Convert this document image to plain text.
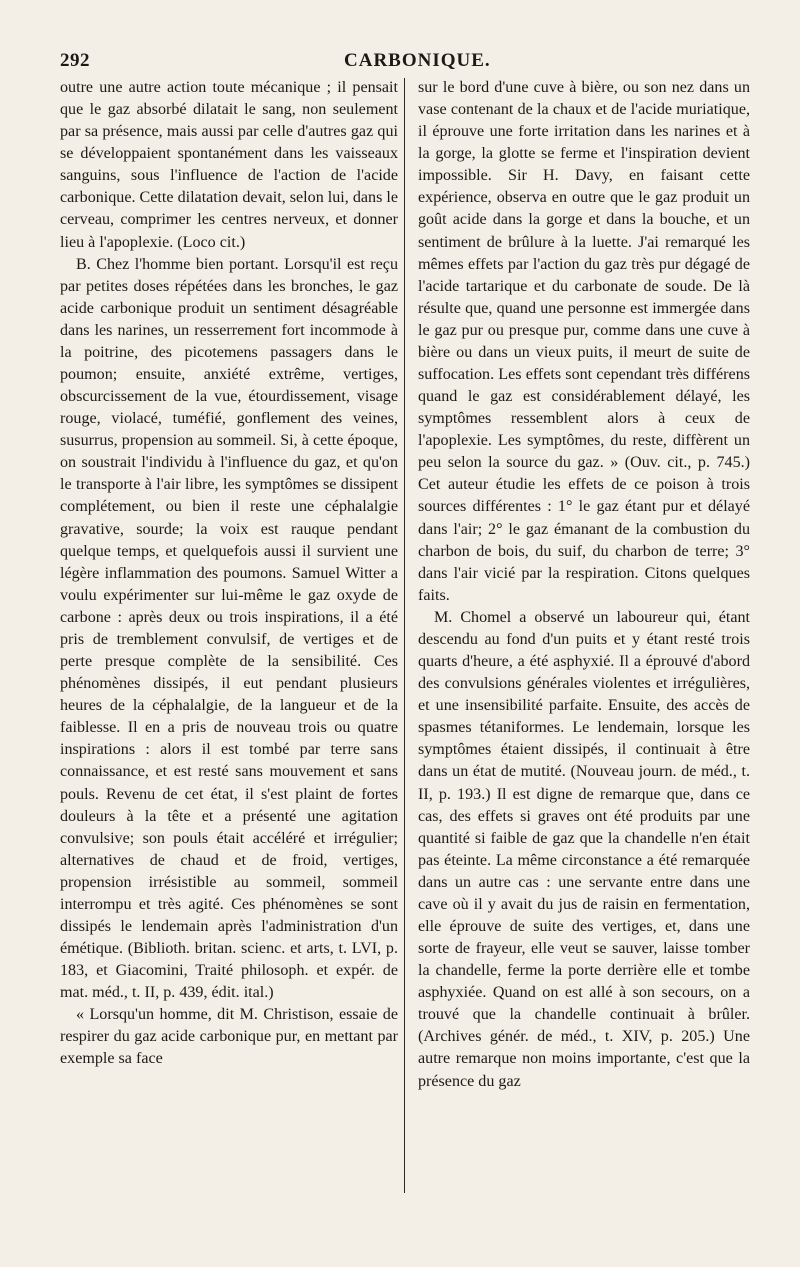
292	CARBONIQUE.

outre une autre action toute mécanique ; il pensait que le gaz absorbé dilatait le sang, non seulement par sa présence, mais aussi par celle d'autres gaz qui se développaient spontanément dans les vaisseaux sanguins, sous l'influence de l'action de l'acide carbonique. Cette dilatation devait, selon lui, dans le cerveau, comprimer les centres nerveux, et donner lieu à l'apoplexie. (Loco cit.)

B. Chez l'homme bien portant. Lorsqu'il est reçu par petites doses répétées dans les bronches, le gaz acide carbonique produit un sentiment désagréable dans les narines, un resserrement fort incommode à la poitrine, des picotemens passagers dans le poumon; ensuite, anxiété extrême, vertiges, obscurcissement de la vue, étourdissement, visage rouge, violacé, tuméfié, gonflement des veines, susurrus, propension au sommeil. Si, à cette époque, on soustrait l'individu à l'influence du gaz, et qu'on le transporte à l'air libre, les symptômes se dissipent complétement, ou bien il reste une céphalalgie gravative, sourde; la voix est rauque pendant quelque temps, et quelquefois aussi il survient une légère inflammation des poumons. Samuel Witter a voulu expérimenter sur lui-même le gaz oxyde de carbone : après deux ou trois inspirations, il a été pris de tremblement convulsif, de vertiges et de perte presque complète de la sensibilité. Ces phénomènes dissipés, il eut pendant plusieurs heures de la céphalalgie, de la langueur et de la faiblesse. Il en a pris de nouveau trois ou quatre inspirations : alors il est tombé par terre sans connaissance, et est resté sans mouvement et sans pouls. Revenu de cet état, il s'est plaint de fortes douleurs à la tête et a présenté une agitation convulsive; son pouls était accéléré et irrégulier; alternatives de chaud et de froid, vertiges, propension irrésistible au sommeil, sommeil interrompu et très agité. Ces phénomènes se sont dissipés le lendemain après l'administration d'un émétique. (Biblioth. britan. scienc. et arts, t. LVI, p. 183, et Giacomini, Traité philosoph. et expér. de mat. méd., t. II, p. 439, édit. ital.)

« Lorsqu'un homme, dit M. Christison, essaie de respirer du gaz acide carbonique pur, en mettant par exemple sa face

sur le bord d'une cuve à bière, ou son nez dans un vase contenant de la chaux et de l'acide muriatique, il éprouve une forte irritation dans les narines et à la gorge, la glotte se ferme et l'inspiration devient impossible. Sir H. Davy, en faisant cette expérience, observa en outre que le gaz produit un goût acide dans la gorge et dans la bouche, et un sentiment de brûlure à la luette. J'ai remarqué les mêmes effets par l'action du gaz très pur dégagé de l'acide tartarique et du carbonate de soude. De là résulte que, quand une personne est immergée dans le gaz pur ou presque pur, comme dans une cuve à bière ou dans un vieux puits, il meurt de suite de suffocation. Les effets sont cependant très différens quand le gaz est considérablement délayé, les symptômes ressemblent alors à ceux de l'apoplexie. Les symptômes, du reste, diffèrent un peu selon la source du gaz. » (Ouv. cit., p. 745.) Cet auteur étudie les effets de ce poison à trois sources différentes : 1° le gaz étant pur et délayé dans l'air; 2° le gaz émanant de la combustion du charbon de bois, du suif, du charbon de terre; 3° dans l'air vicié par la respiration. Citons quelques faits.

M. Chomel a observé un laboureur qui, étant descendu au fond d'un puits et y étant resté trois quarts d'heure, a été asphyxié. Il a éprouvé d'abord des convulsions générales violentes et irrégulières, et une insensibilité parfaite. Ensuite, des accès de spasmes tétaniformes. Le lendemain, lorsque les symptômes étaient dissipés, il continuait à être dans un état de mutité. (Nouveau journ. de méd., t. II, p. 193.) Il est digne de remarque que, dans ce cas, des effets si graves ont été produits par une quantité si faible de gaz que la chandelle n'en était pas éteinte. La même circonstance a été remarquée dans un autre cas : une servante entre dans une cave où il y avait du jus de raisin en fermentation, elle éprouve de suite des vertiges, et, dans une sorte de frayeur, elle veut se sauver, laisse tomber la chandelle, ferme la porte derrière elle et tombe asphyxiée. Quand on est allé à son secours, on a trouvé que la chandelle continuait à brûler. (Archives génér. de méd., t. XIV, p. 205.) Une autre remarque non moins importante, c'est que la présence du gaz
